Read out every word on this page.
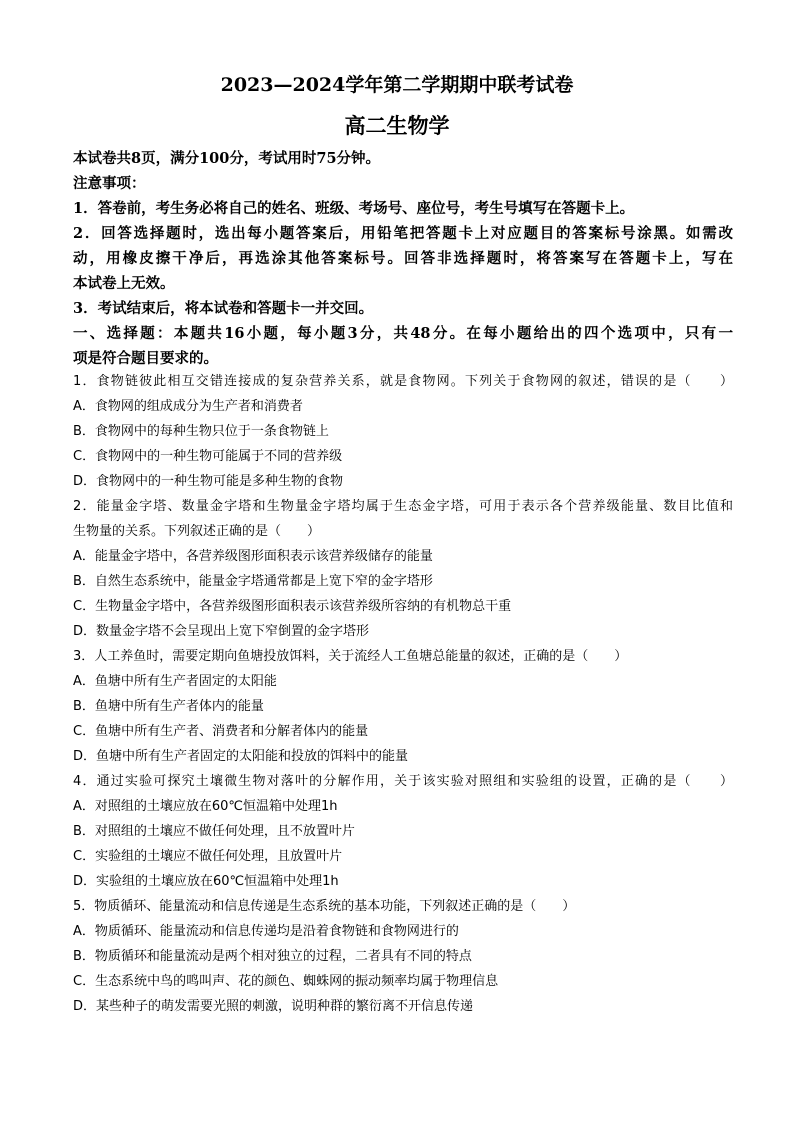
2023—2024学年第二学期期中联考试卷
高二生物学
本试卷共8页，满分100分，考试用时75分钟。
注意事项：
1．答卷前，考生务必将自己的姓名、班级、考场号、座位号，考生号填写在答题卡上。
2．回答选择题时，选出每小题答案后，用铅笔把答题卡上对应题目的答案标号涂黑。如需改
动，用橡皮擦干净后，再选涂其他答案标号。回答非选择题时，将答案写在答题卡上，写在
本试卷上无效。
3．考试结束后，将本试卷和答题卡一并交回。
一、选择题：本题共16小题，每小题3分，共48分。在每小题给出的四个选项中，只有一
项是符合题目要求的。
1．食物链彼此相互交错连接成的复杂营养关系，就是食物网。下列关于食物网的叙述，错误的是（　　）
A．食物网的组成成分为生产者和消费者
B．食物网中的每种生物只位于一条食物链上
C．食物网中的一种生物可能属于不同的营养级
D．食物网中的一种生物可能是多种生物的食物
2．能量金字塔、数量金字塔和生物量金字塔均属于生态金字塔，可用于表示各个营养级能量、数目比值和
生物量的关系。下列叙述正确的是（　　）
A．能量金字塔中，各营养级图形面积表示该营养级储存的能量
B．自然生态系统中，能量金字塔通常都是上宽下窄的金字塔形
C．生物量金字塔中，各营养级图形面积表示该营养级所容纳的有机物总干重
D．数量金字塔不会呈现出上宽下窄倒置的金字塔形
3．人工养鱼时，需要定期向鱼塘投放饵料，关于流经人工鱼塘总能量的叙述，正确的是（　　）
A．鱼塘中所有生产者固定的太阳能
B．鱼塘中所有生产者体内的能量
C．鱼塘中所有生产者、消费者和分解者体内的能量
D．鱼塘中所有生产者固定的太阳能和投放的饵料中的能量
4．通过实验可探究土壤微生物对落叶的分解作用，关于该实验对照组和实验组的设置，正确的是（　　）
A．对照组的土壤应放在60℃恒温箱中处理1h
B．对照组的土壤应不做任何处理，且不放置叶片
C．实验组的土壤应不做任何处理，且放置叶片
D．实验组的土壤应放在60℃恒温箱中处理1h
5．物质循环、能量流动和信息传递是生态系统的基本功能，下列叙述正确的是（　　）
A．物质循环、能量流动和信息传递均是沿着食物链和食物网进行的
B．物质循环和能量流动是两个相对独立的过程，二者具有不同的特点
C．生态系统中鸟的鸣叫声、花的颜色、蜘蛛网的振动频率均属于物理信息
D．某些种子的萌发需要光照的刺激，说明种群的繁衍离不开信息传递
